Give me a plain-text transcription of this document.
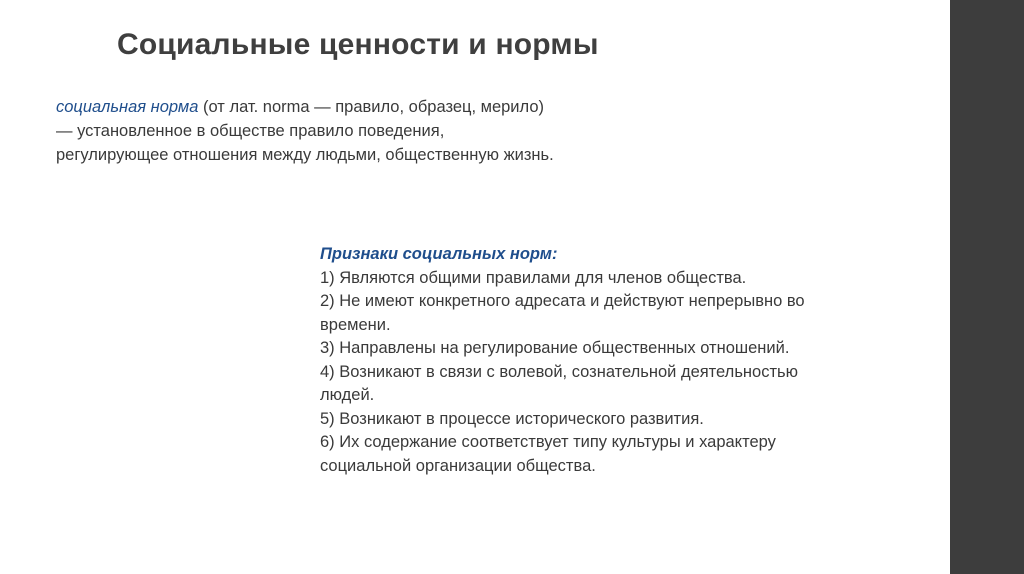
Социальные ценности и нормы

социальная норма (от лат. norma — правило, образец, мерило) — установленное в обществе правило поведения, регулирующее отношения между людьми, общественную жизнь.

Признаки социальных норм:
1) Являются общими правилами для членов общества.
2) Не имеют конкретного адресата и действуют непрерывно во времени.
3) Направлены на регулирование общественных отношений.
4) Возникают в связи с волевой, сознательной деятельностью людей.
5) Возникают в процессе исторического развития.
6) Их содержание соответствует типу культуры и характеру социальной организации общества.
